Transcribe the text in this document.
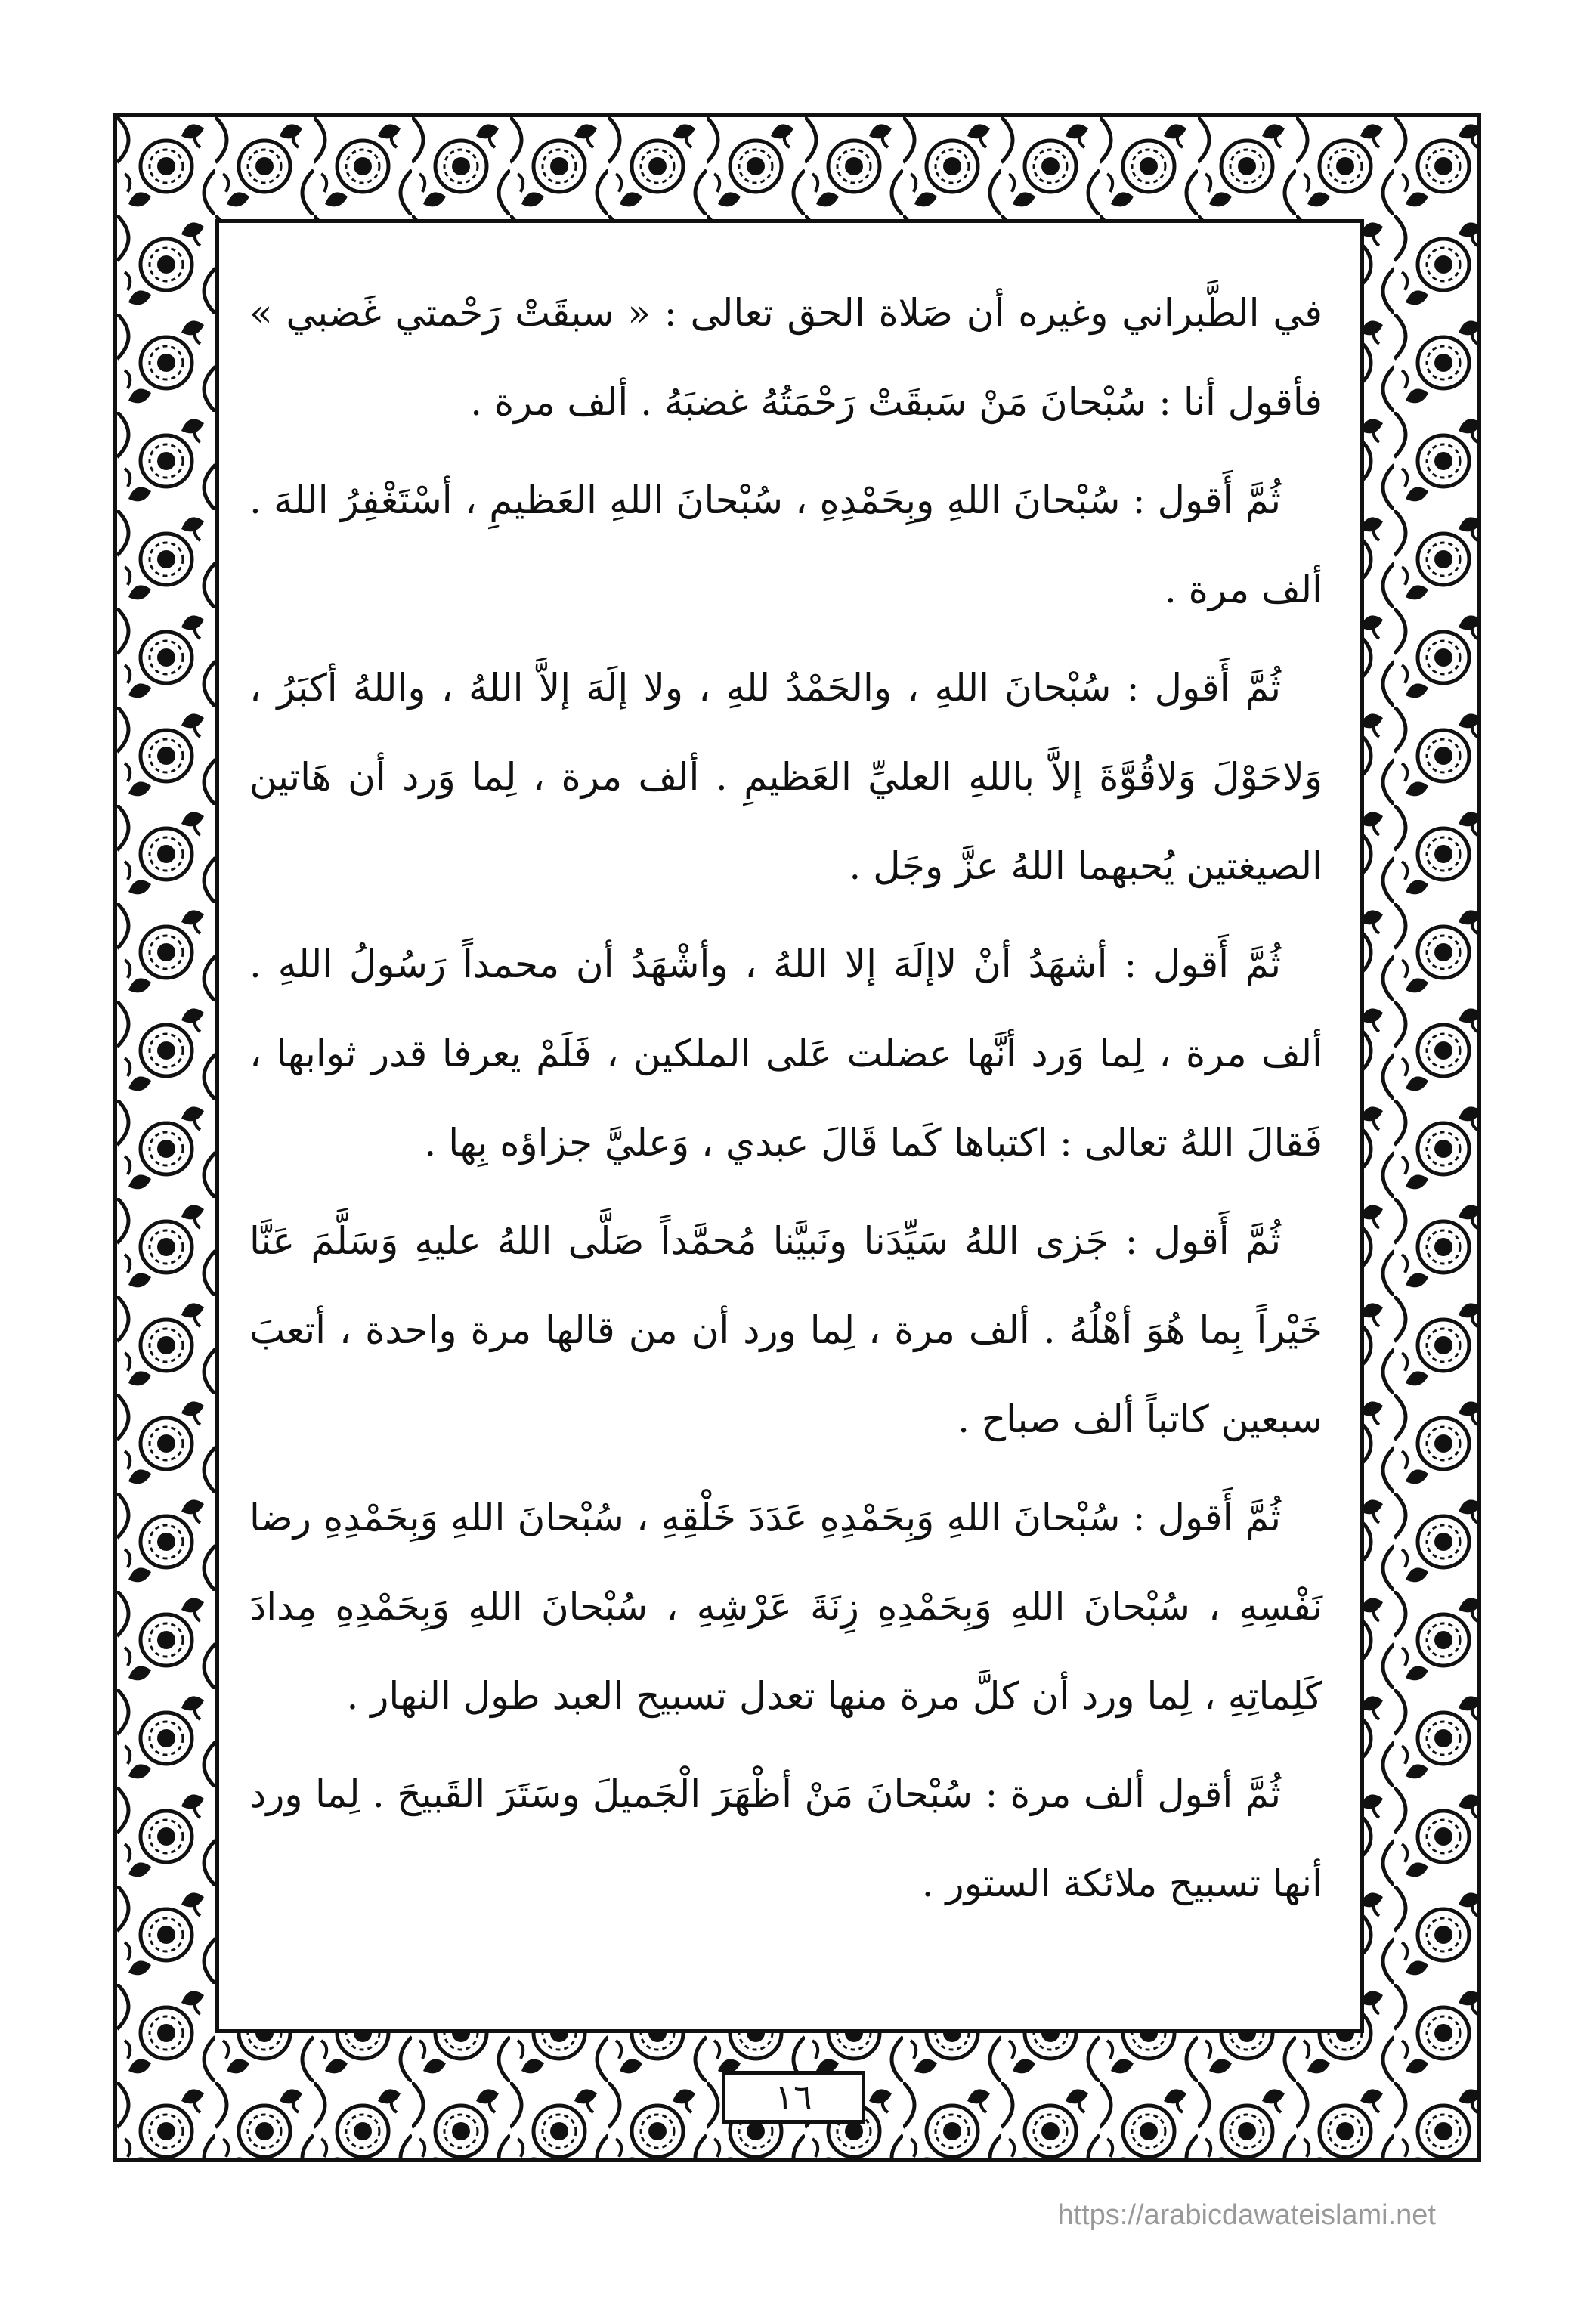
في الطَّبراني وغيره أن صَلاة الحق تعالى : « سبقَتْ رَحْمتي غَضبي » فأقول أنا : سُبْحانَ مَنْ سَبقَتْ رَحْمَتُهُ غضبَهُ . ألف مرة .

ثُمَّ أَقول : سُبْحانَ اللهِ وبِحَمْدِهِ ، سُبْحانَ اللهِ العَظيمِ ، أسْتَغْفِرُ اللهَ . ألف مرة .

ثُمَّ أَقول : سُبْحانَ اللهِ ، والحَمْدُ للهِ ، ولا إلَهَ إلاَّ اللهُ ، واللهُ أكبَرُ ، وَلاحَوْلَ وَلاقُوَّةَ إلاَّ باللهِ العليِّ العَظيمِ . ألف مرة ، لِما وَرد أن هَاتين الصيغتين يُحبهما اللهُ عزَّ وجَل .

ثُمَّ أَقول : أشهَدُ أنْ لاإلَهَ إلا اللهُ ، وأشْهَدُ أن محمداً رَسُولُ اللهِ . ألف مرة ، لِما وَرد أنَّها عضلت عَلى الملكين ، فَلَمْ يعرفا قدر ثوابها ، فَقالَ اللهُ تعالى : اكتباها كَما قَالَ عبدي ، وَعليَّ جزاؤه بِها .

ثُمَّ أَقول : جَزى اللهُ سَيِّدَنا ونَبيَّنا مُحمَّداً صَلَّى اللهُ عليهِ وَسَلَّمَ عَنَّا خَيْراً بِما هُوَ أهْلُهُ . ألف مرة ، لِما ورد أن من قالها مرة واحدة ، أتعبَ سبعين كاتباً ألف صباح .

ثُمَّ أَقول : سُبْحانَ اللهِ وَبِحَمْدِهِ عَدَدَ خَلْقِهِ ، سُبْحانَ اللهِ وَبِحَمْدِهِ رضا نَفْسِهِ ، سُبْحانَ اللهِ وَبِحَمْدِهِ زِنَةَ عَرْشِهِ ، سُبْحانَ اللهِ وَبِحَمْدِهِ مِدادَ كَلِماتِهِ ، لِما ورد أن كلَّ مرة منها تعدل تسبيح العبد طول النهار .

ثُمَّ أقول ألف مرة : سُبْحانَ مَنْ أظْهَرَ الْجَميلَ وسَتَرَ القَبيحَ . لِما ورد أنها تسبيح ملائكة الستور .

١٦
https://arabicdawateislami.net
